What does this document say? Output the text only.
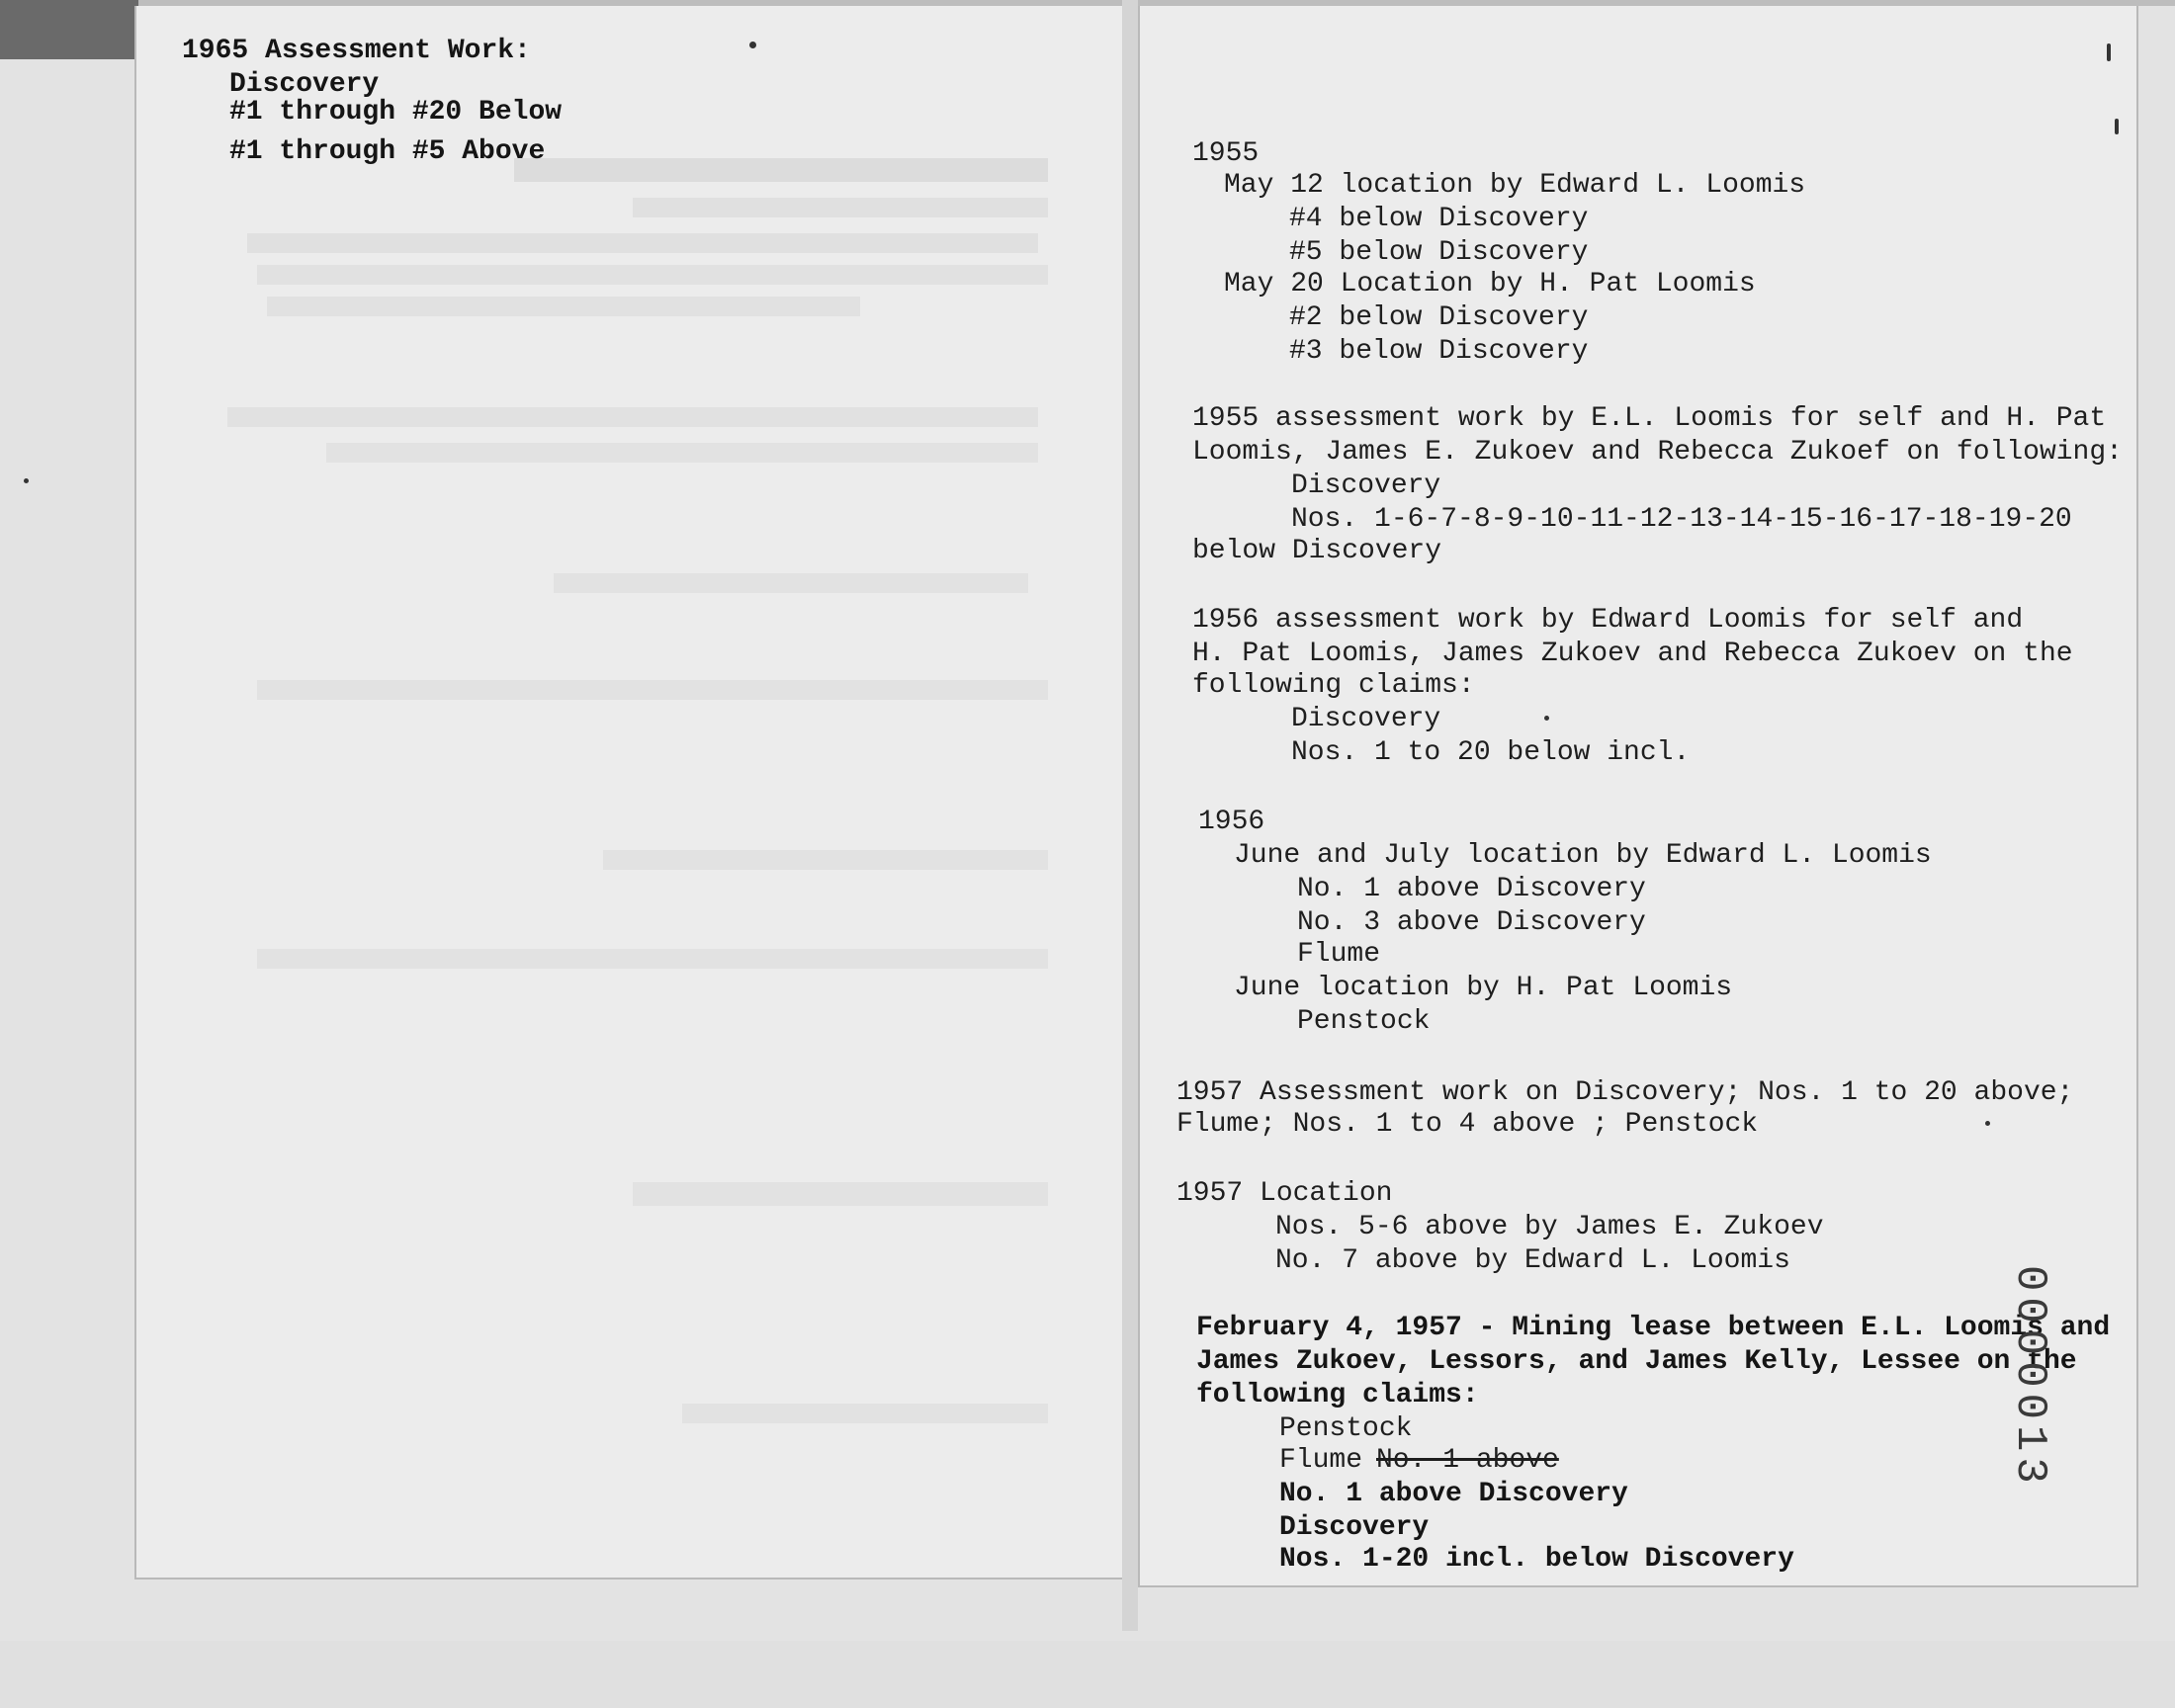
1965 Assessment Work:
Discovery
#1 through #20 Below
#1 through #5 Above	1955
May 12 location by Edward L. Loomis
#4 below Discovery
#5 below Discovery
May 20 Location by H. Pat Loomis
#2 below Discovery
#3 below Discovery
1955 assessment work by E.L. Loomis for self and H. Pat
Loomis, James E. Zukoev and Rebecca Zukoef on following:
Discovery
Nos. 1-6-7-8-9-10-11-12-13-14-15-16-17-18-19-20
below Discovery
1956 assessment work by Edward Loomis for self and
H. Pat Loomis, James Zukoev and Rebecca Zukoev on the
following claims:
Discovery
Nos. 1 to 20 below incl.
1956
June and July location by Edward L. Loomis
No. 1 above Discovery
No. 3 above Discovery
Flume
June location by H. Pat Loomis
Penstock
1957 Assessment work on Discovery; Nos. 1 to 20 above;
Flume; Nos. 1 to 4 above ; Penstock
1957 Location
Nos. 5-6 above by James E. Zukoev
No. 7 above by Edward L. Loomis
February 4, 1957 - Mining lease between E.L. Loomis and
James Zukoev, Lessors, and James Kelly, Lessee on the
following claims:
Penstock
Flume No. 1 above
No. 1 above Discovery
Discovery
Nos. 1-20 incl. below Discovery
0000013
